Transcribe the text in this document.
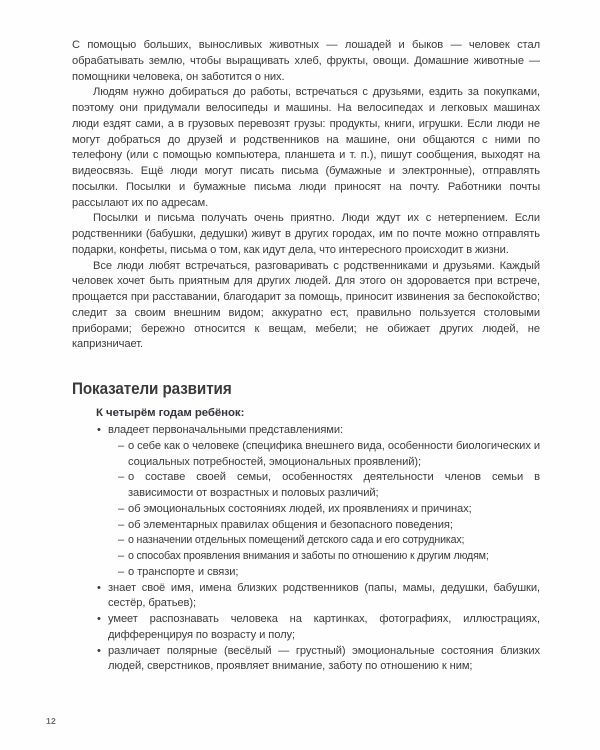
С помощью больших, выносливых животных — лошадей и быков — человек стал обрабатывать землю, чтобы выращивать хлеб, фрукты, овощи. Домашние животные — помощники человека, он заботится о них.

Людям нужно добираться до работы, встречаться с друзьями, ездить за покупками, поэтому они придумали велосипеды и машины. На велосипедах и легковых машинах люди ездят сами, а в грузовых перевозят грузы: продукты, книги, игрушки. Если люди не могут добраться до друзей и родственников на машине, они общаются с ними по телефону (или с помощью компьютера, планшета и т. п.), пишут сообщения, выходят на видеосвязь. Ещё люди могут писать письма (бумажные и электронные), отправлять посылки. Посылки и бумажные письма люди приносят на почту. Работники почты рассылают их по адресам.

Посылки и письма получать очень приятно. Люди ждут их с нетерпением. Если родственники (бабушки, дедушки) живут в других городах, им по почте можно отправлять подарки, конфеты, письма о том, как идут дела, что интересного происходит в жизни.

Все люди любят встречаться, разговаривать с родственниками и друзьями. Каждый человек хочет быть приятным для других людей. Для этого он здоровается при встрече, прощается при расставании, благодарит за помощь, приносит извинения за беспокойство; следит за своим внешним видом; аккуратно ест, правильно пользуется столовыми приборами; бережно относится к вещам, мебели; не обижает других людей, не капризничает.

Показатели развития
К четырём годам ребёнок:
• владеет первоначальными представлениями:
– о себе как о человеке (специфика внешнего вида, особенности биологических и социальных потребностей, эмоциональных проявлений);
– о составе своей семьи, особенностях деятельности членов семьи в зависимости от возрастных и половых различий;
– об эмоциональных состояниях людей, их проявлениях и причинах;
– об элементарных правилах общения и безопасного поведения;
– о назначении отдельных помещений детского сада и его сотрудниках;
– о способах проявления внимания и заботы по отношению к другим людям;
– о транспорте и связи;
• знает своё имя, имена близких родственников (папы, мамы, дедушки, бабушки, сестёр, братьев);
• умеет распознавать человека на картинках, фотографиях, иллюстрациях, дифференцируя по возрасту и полу;
• различает полярные (весёлый — грустный) эмоциональные состояния близких людей, сверстников, проявляет внимание, заботу по отношению к ним;
12
